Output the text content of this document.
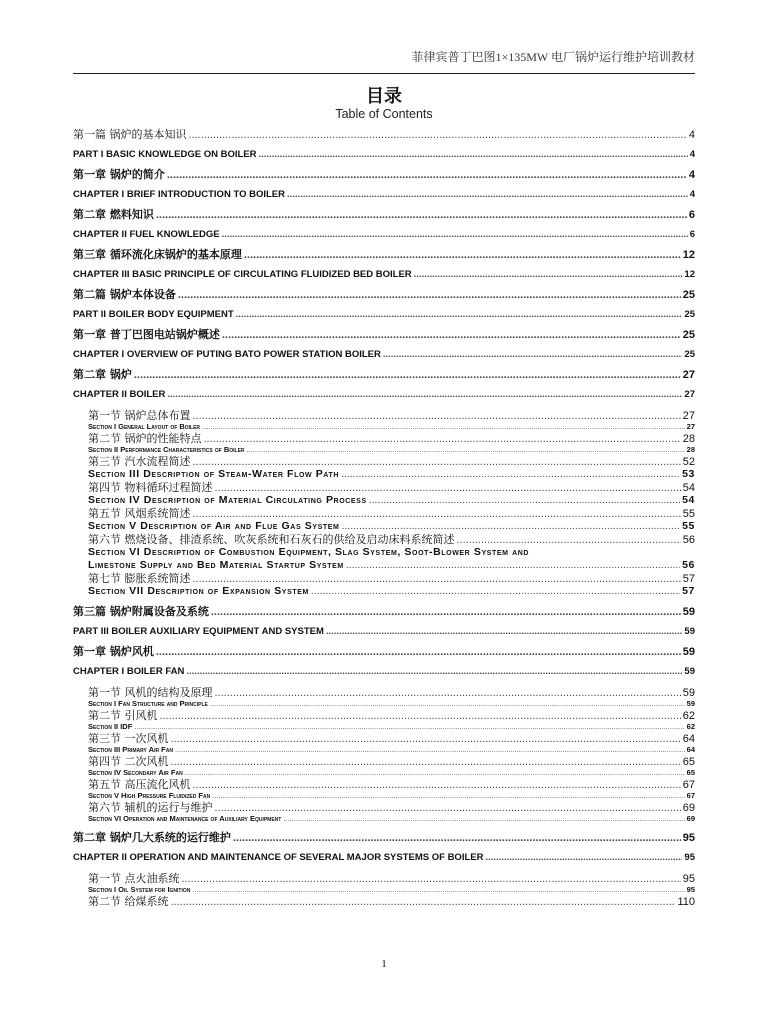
菲律宾普丁巴图1×135MW 电厂锅炉运行维护培训教材
目录
Table of Contents
第一篇 锅炉的基本知识 .....	4
PART I BASIC KNOWLEDGE ON BOILER .....	4
第一章 锅炉的简介 .....	4
CHAPTER I BRIEF INTRODUCTION TO BOILER .....	4
第二章 燃料知识 .....	6
CHAPTER II FUEL KNOWLEDGE .....	6
第三章 循环流化床锅炉的基本原理 .....	12
CHAPTER III BASIC PRINCIPLE OF CIRCULATING FLUIDIZED BED BOILER .....	12
第二篇 锅炉本体设备 .....	25
PART II BOILER BODY EQUIPMENT .....	25
第一章 普丁巴图电站锅炉概述 .....	25
CHAPTER I OVERVIEW OF PUTING BATO POWER STATION BOILER .....	25
第二章 锅炉 .....	27
CHAPTER II BOILER .....	27
第一节 锅炉总体布置 .....	27
Section I General Layout of Boiler .....	27
第二节 锅炉的性能特点 .....	28
Section II Performance Characteristics of Boiler .....	28
第三节 汽水流程简述 .....	52
Section III Description of Steam-Water Flow Path .....	53
第四节 物料循环过程简述 .....	54
Section IV Description of Material Circulating Process .....	54
第五节 风烟系统简述 .....	55
Section V Description of Air and Flue Gas System .....	55
第六节 燃烧设备、排渣系统、吹灰系统和石灰石的供给及启动床料系统简述 .....	56
Section VI Description of Combustion Equipment, Slag System, Soot-Blower System and
Limestone Supply and Bed Material Startup System .....	56
第七节 膨胀系统简述 .....	57
Section VII Description of Expansion System .....	57
第三篇 锅炉附属设备及系统 .....	59
PART III BOILER AUXILIARY EQUIPMENT AND SYSTEM .....	59
第一章 锅炉风机 .....	59
CHAPTER I BOILER FAN .....	59
第一节 风机的结构及原理 .....	59
Section I Fan Structure and Principle .....	59
第二节 引风机 .....	62
Section II IDF .....	62
第三节 一次风机 .....	64
Section III Primary Air Fan .....	64
第四节 二次风机 .....	65
Section IV Secondary Air Fan .....	65
第五节 高压流化风机 .....	67
Section V High Pressure Fluidized Fan .....	67
第六节 辅机的运行与维护 .....	69
Section VI Operation and Maintenance of Auxiliary Equipment .....	69
第二章 锅炉几大系统的运行维护 .....	95
CHAPTER II OPERATION AND MAINTENANCE OF SEVERAL MAJOR SYSTEMS OF BOILER .....	95
第一节 点火油系统 .....	95
Section I Oil System for Ignition .....	95
第二节 给煤系统 .....	110
1
